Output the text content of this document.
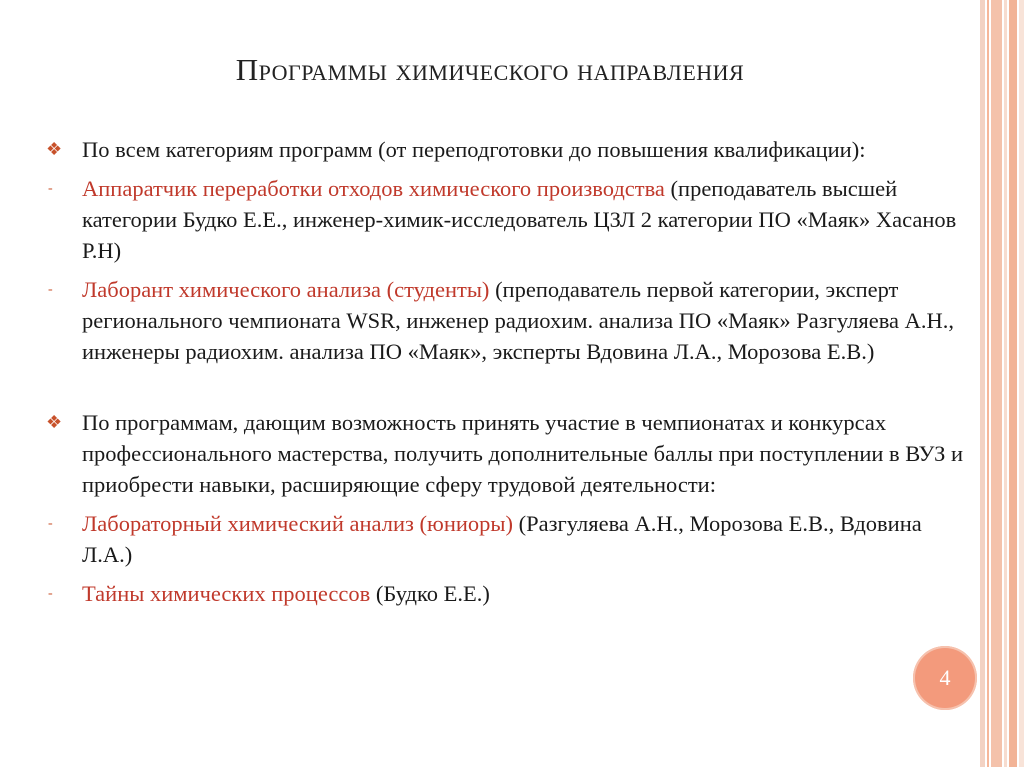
Программы химического направления
❖ По всем категориям программ (от переподготовки до повышения квалификации):
-	Аппаратчик переработки отходов химического производства (преподаватель высшей категории Будко Е.Е., инженер-химик-исследователь ЦЗЛ 2 категории ПО «Маяк» Хасанов Р.Н)
-	Лаборант химического анализа (студенты) (преподаватель первой категории, эксперт регионального чемпионата WSR, инженер радиохим. анализа ПО «Маяк» Разгуляева А.Н., инженеры радиохим. анализа ПО «Маяк», эксперты Вдовина Л.А., Морозова Е.В.)
❖ По программам, дающим возможность принять участие в чемпионатах и конкурсах профессионального мастерства, получить дополнительные баллы при поступлении в ВУЗ и приобрести навыки, расширяющие сферу трудовой деятельности:
-	Лабораторный химический анализ (юниоры) (Разгуляева А.Н., Морозова Е.В., Вдовина Л.А.)
-	Тайны химических процессов (Будко Е.Е.)
4
